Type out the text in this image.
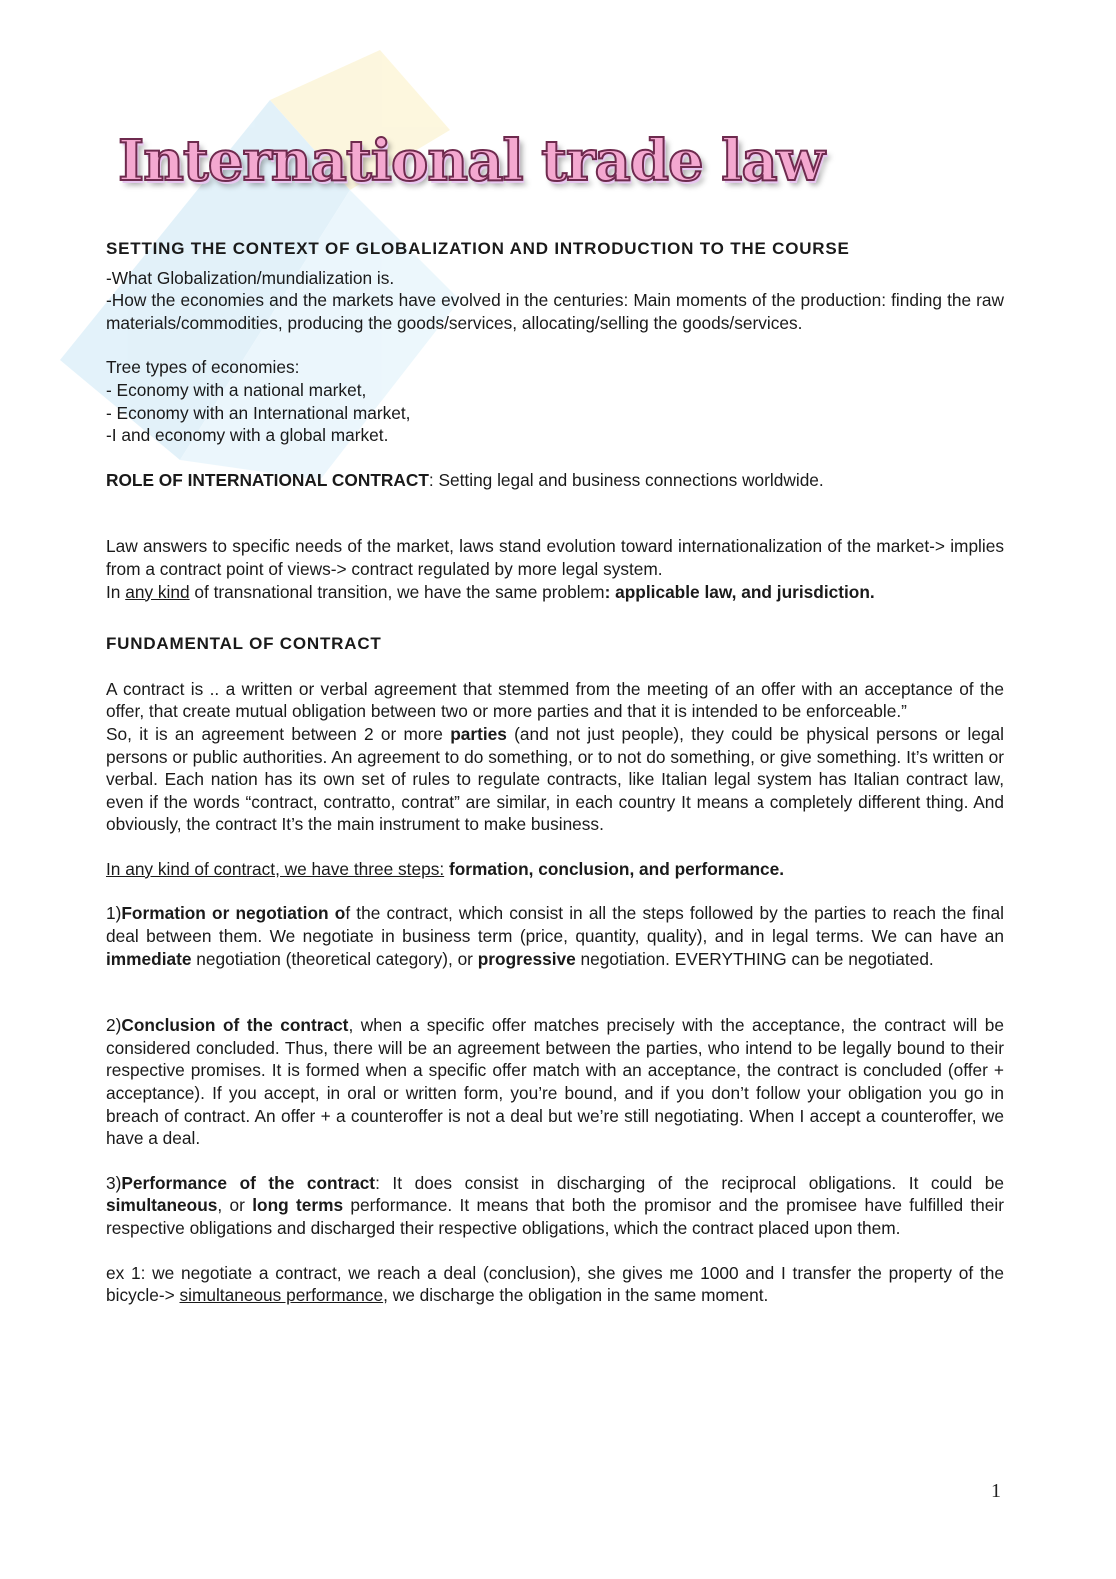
International trade law

SETTING THE CONTEXT OF GLOBALIZATION AND INTRODUCTION TO THE COURSE

-What Globalization/mundialization is.

-How the economies and the markets have evolved in the centuries: Main moments of the production: finding the raw materials/commodities, producing the goods/services, allocating/selling the goods/services.

Tree types of economies:

- Economy with a national market,

- Economy with an International market,

-I and economy with a global market.

ROLE OF INTERNATIONAL CONTRACT: Setting legal and business connections worldwide.

Law answers to specific needs of the market, laws stand evolution toward internationalization of the market-> implies from a contract point of views-> contract regulated by more legal system.

In any kind of transnational transition, we have the same problem: applicable law, and jurisdiction.

FUNDAMENTAL OF CONTRACT

A contract is .. a written or verbal agreement that stemmed from the meeting of an offer with an acceptance of the offer, that create mutual obligation between two or more parties and that it is intended to be enforceable.”

So, it is an agreement between 2 or more parties (and not just people), they could be physical persons or legal persons or public authorities. An agreement to do something, or to not do something, or give something. It’s written or verbal. Each nation has its own set of rules to regulate contracts, like Italian legal system has Italian contract law, even if the words “contract, contratto, contrat” are similar, in each country It means a completely different thing. And obviously, the contract It’s the main instrument to make business.

In any kind of contract, we have three steps: formation, conclusion, and performance.

1)Formation or negotiation of the contract, which consist in all the steps followed by the parties to reach the final deal between them. We negotiate in business term (price, quantity, quality), and in legal terms. We can have an immediate negotiation (theoretical category), or progressive negotiation. EVERYTHING can be negotiated.

2)Conclusion of the contract, when a specific offer matches precisely with the acceptance, the contract will be considered concluded. Thus, there will be an agreement between the parties, who intend to be legally bound to their respective promises. It is formed when a specific offer match with an acceptance, the contract is concluded (offer + acceptance). If you accept, in oral or written form, you’re bound, and if you don’t follow your obligation you go in breach of contract. An offer + a counteroffer is not a deal but we’re still negotiating. When I accept a counteroffer, we have a deal.

3)Performance of the contract: It does consist in discharging of the reciprocal obligations. It could be simultaneous, or long terms performance. It means that both the promisor and the promisee have fulfilled their respective obligations and discharged their respective obligations, which the contract placed upon them.

ex 1: we negotiate a contract, we reach a deal (conclusion), she gives me 1000 and I transfer the property of the bicycle-> simultaneous performance, we discharge the obligation in the same moment.

1
